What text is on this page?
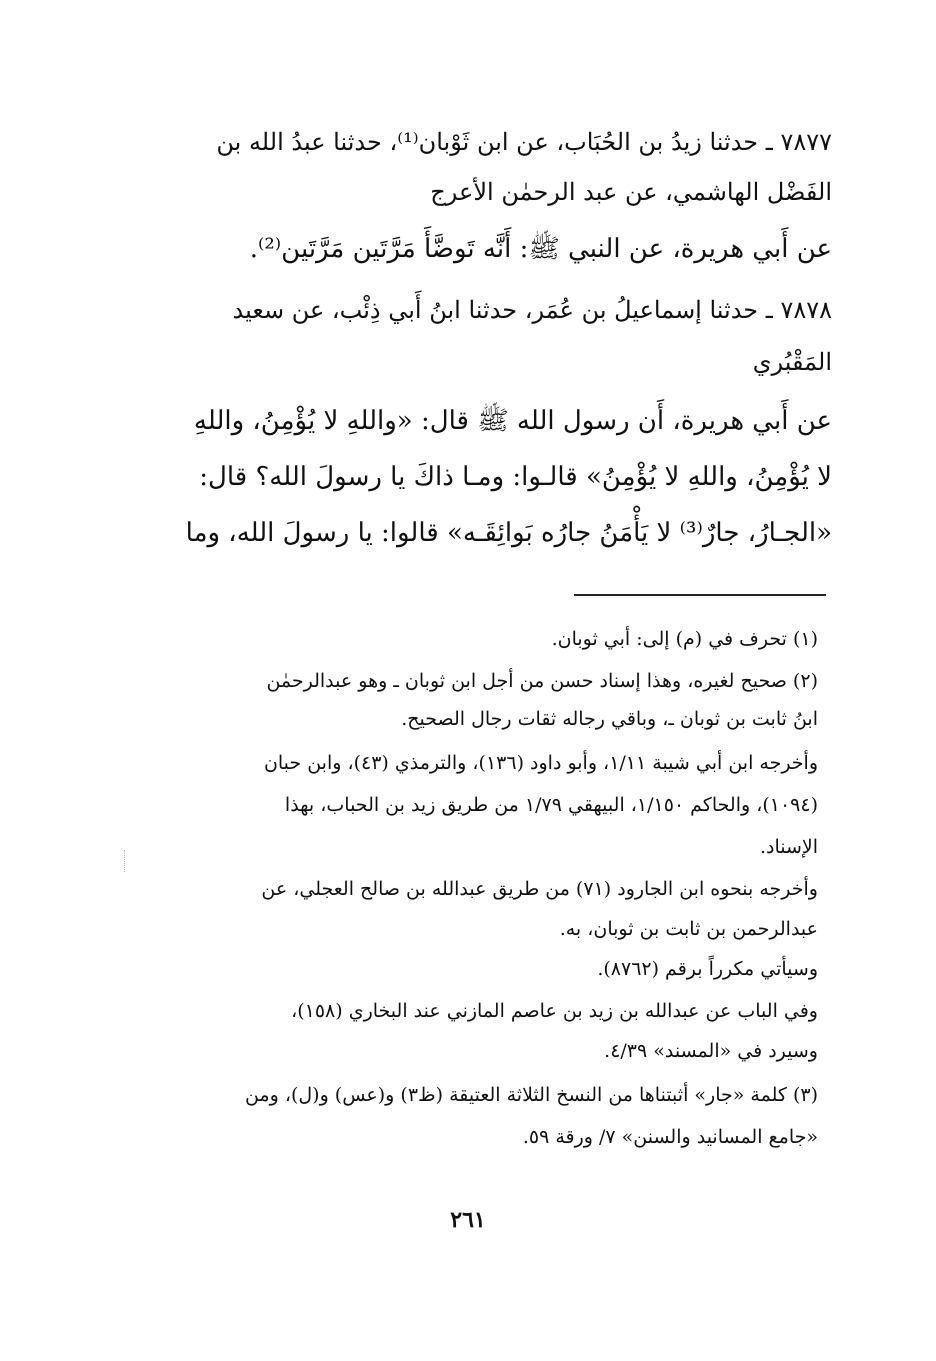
٧٨٧٧ ـ حدثنا زيدُ بن الحُبَاب، عن ابن ثَوْبان⁽¹⁾، حدثنا عبدُ الله بن
الفَضْل الهاشمي، عن عبد الرحمٰن الأعرج
عن أَبي هريرة، عن النبي ﷺ: أَنَّه تَوضَّأَ مَرَّتَين مَرَّتَين⁽²⁾.
٧٨٧٨ ـ حدثنا إسماعيلُ بن عُمَر، حدثنا ابنُ أَبي ذِئْب، عن سعيد
المَقْبُري
عن أَبي هريرة، أَن رسول الله ﷺ قال: «واللهِ لا يُؤْمِنُ، واللهِ
لا يُؤْمِنُ، واللهِ لا يُؤْمِنُ» قالـوا: ومـا ذاكَ يا رسولَ الله؟ قال:
«الجـارُ، جارٌ⁽³⁾ لا يَأْمَنُ جارُه بَوائِقَـه» قالوا: يا رسولَ الله، وما
(١) تحرف في (م) إلى: أبي ثوبان.
(٢) صحيح لغيره، وهذا إسناد حسن من أجل ابن ثوبان ـ وهو عبدالرحمٰن
ابنُ ثابت بن ثوبان ـ، وباقي رجاله ثقات رجال الصحيح.
وأخرجه ابن أبي شيبة ١/١١، وأبو داود (١٣٦)، والترمذي (٤٣)، وابن حبان
(١٠٩٤)، والحاكم ١/١٥٠، البيهقي ١/٧٩ من طريق زيد بن الحباب، بهذا
الإسناد.
وأخرجه بنحوه ابن الجارود (٧١) من طريق عبدالله بن صالح العجلي، عن
عبدالرحمن بن ثابت بن ثوبان، به.
وسيأتي مكرراً برقم (٨٧٦٢).
وفي الباب عن عبدالله بن زيد بن عاصم المازني عند البخاري (١٥٨)،
وسيرد في «المسند» ٤/٣٩.
(٣) كلمة «جار» أثبتناها من النسخ الثلاثة العتيقة (ظ٣) و(عس) و(ل)، ومن
«جامع المسانيد والسنن» ٧/ ورقة ٥٩.
٢٦١
